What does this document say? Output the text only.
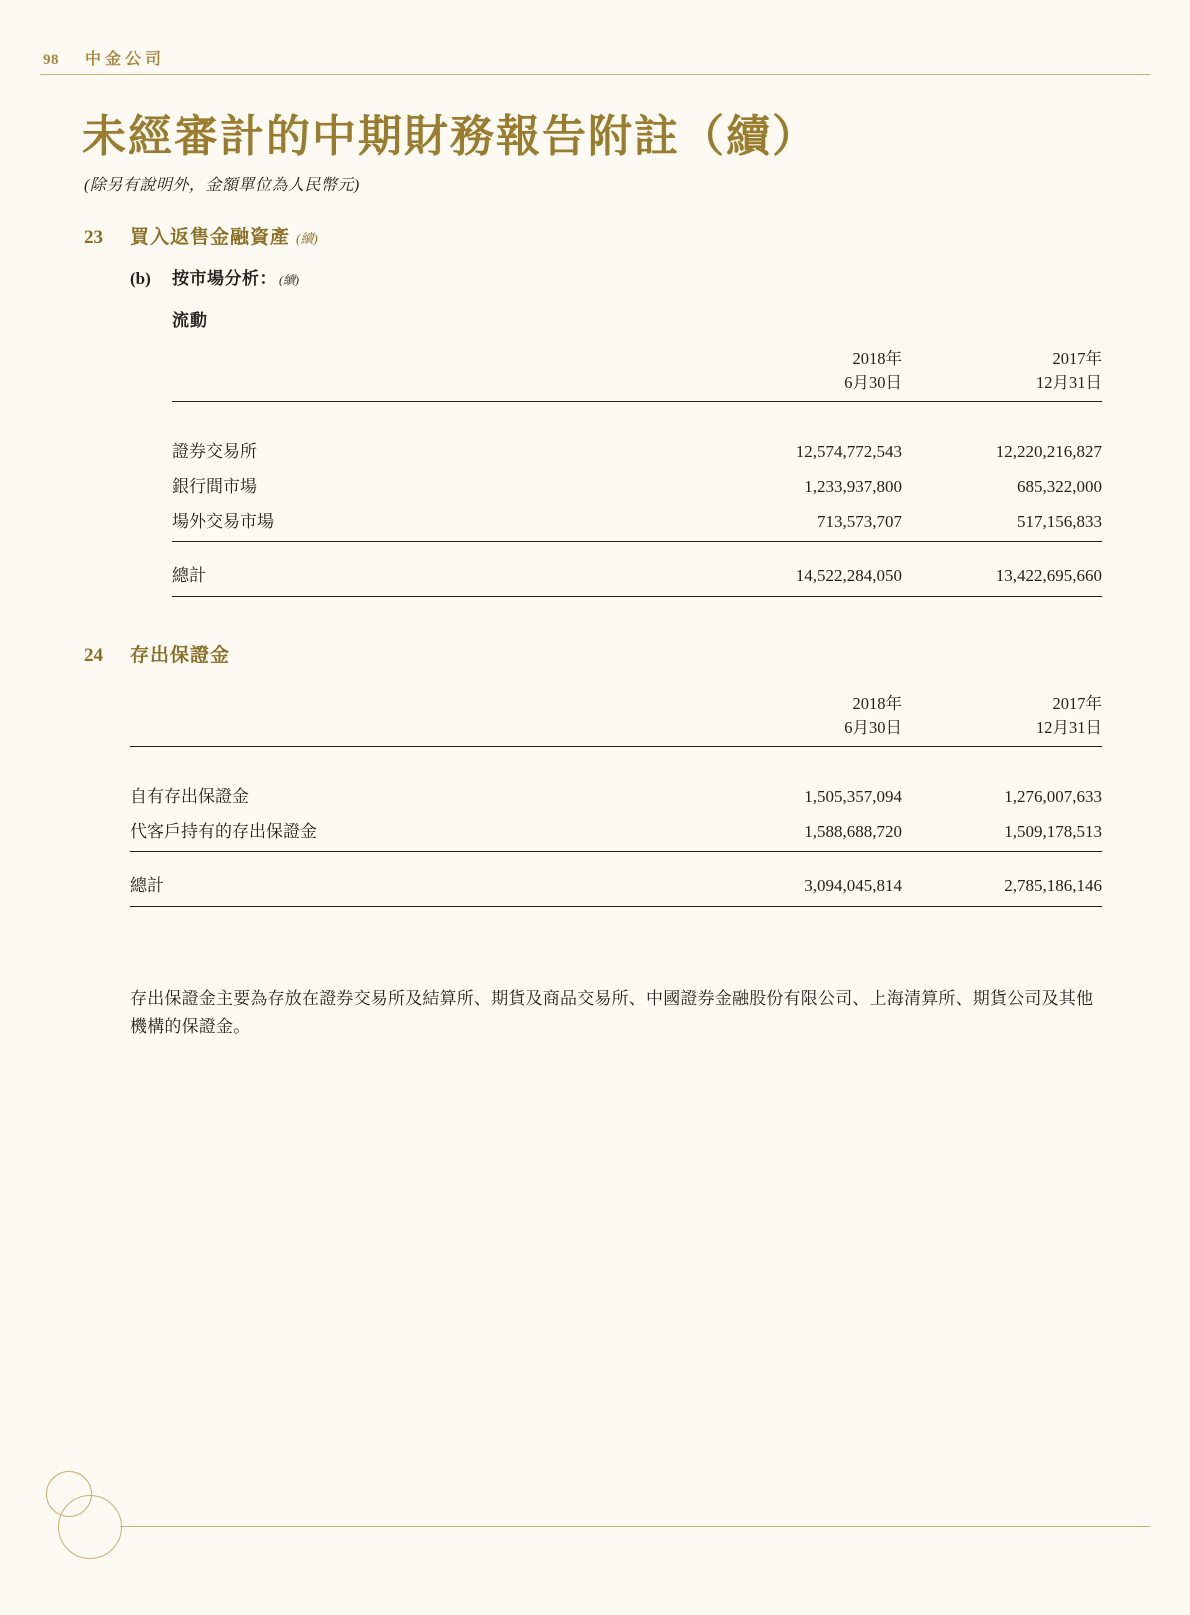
98 中金公司
未經審計的中期財務報告附註（續）
(除另有說明外，金額單位為人民幣元)
23	買入返售金融資產 (續)
(b)	按市場分析： (續)
流動
	2018年	2017年
	6月30日	12月31日

證券交易所	12,574,772,543	12,220,216,827
銀行間市場	1,233,937,800	685,322,000
場外交易市場	713,573,707	517,156,833

總計	14,522,284,050	13,422,695,660
24	存出保證金
	2018年	2017年
	6月30日	12月31日

自有存出保證金	1,505,357,094	1,276,007,633
代客戶持有的存出保證金	1,588,688,720	1,509,178,513

總計	3,094,045,814	2,785,186,146
存出保證金主要為存放在證券交易所及結算所、期貨及商品交易所、中國證券金融股份有限公司、上海清算所、期貨公司及其他機構的保證金。
